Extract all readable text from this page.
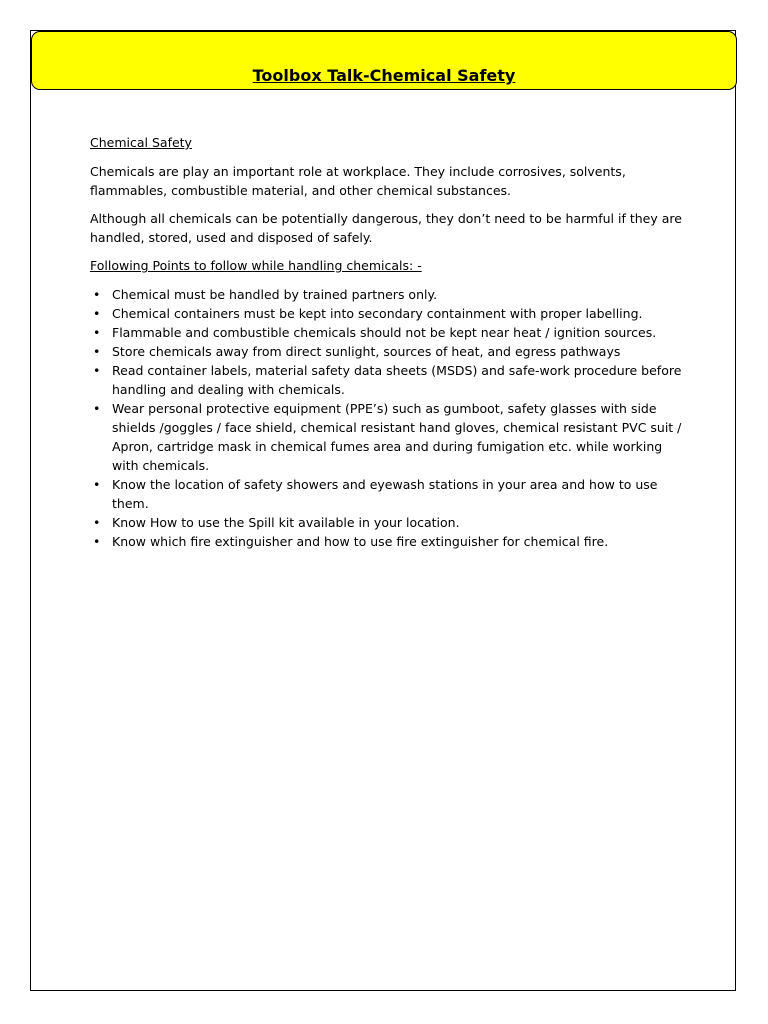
Toolbox Talk-Chemical Safety

Chemical Safety

Chemicals are play an important role at workplace. They include corrosives, solvents, flammables, combustible material, and other chemical substances.

Although all chemicals can be potentially dangerous, they don’t need to be harmful if they are handled, stored, used and disposed of safely.

Following Points to follow while handling chemicals: -

• Chemical must be handled by trained partners only.
• Chemical containers must be kept into secondary containment with proper labelling.
• Flammable and combustible chemicals should not be kept near heat / ignition sources.
• Store chemicals away from direct sunlight, sources of heat, and egress pathways
• Read container labels, material safety data sheets (MSDS) and safe-work procedure before handling and dealing with chemicals.
• Wear personal protective equipment (PPE’s) such as gumboot, safety glasses with side shields /goggles / face shield, chemical resistant hand gloves, chemical resistant PVC suit / Apron, cartridge mask in chemical fumes area and during fumigation etc. while working with chemicals.
• Know the location of safety showers and eyewash stations in your area and how to use them.
• Know How to use the Spill kit available in your location.
• Know which fire extinguisher and how to use fire extinguisher for chemical fire.
